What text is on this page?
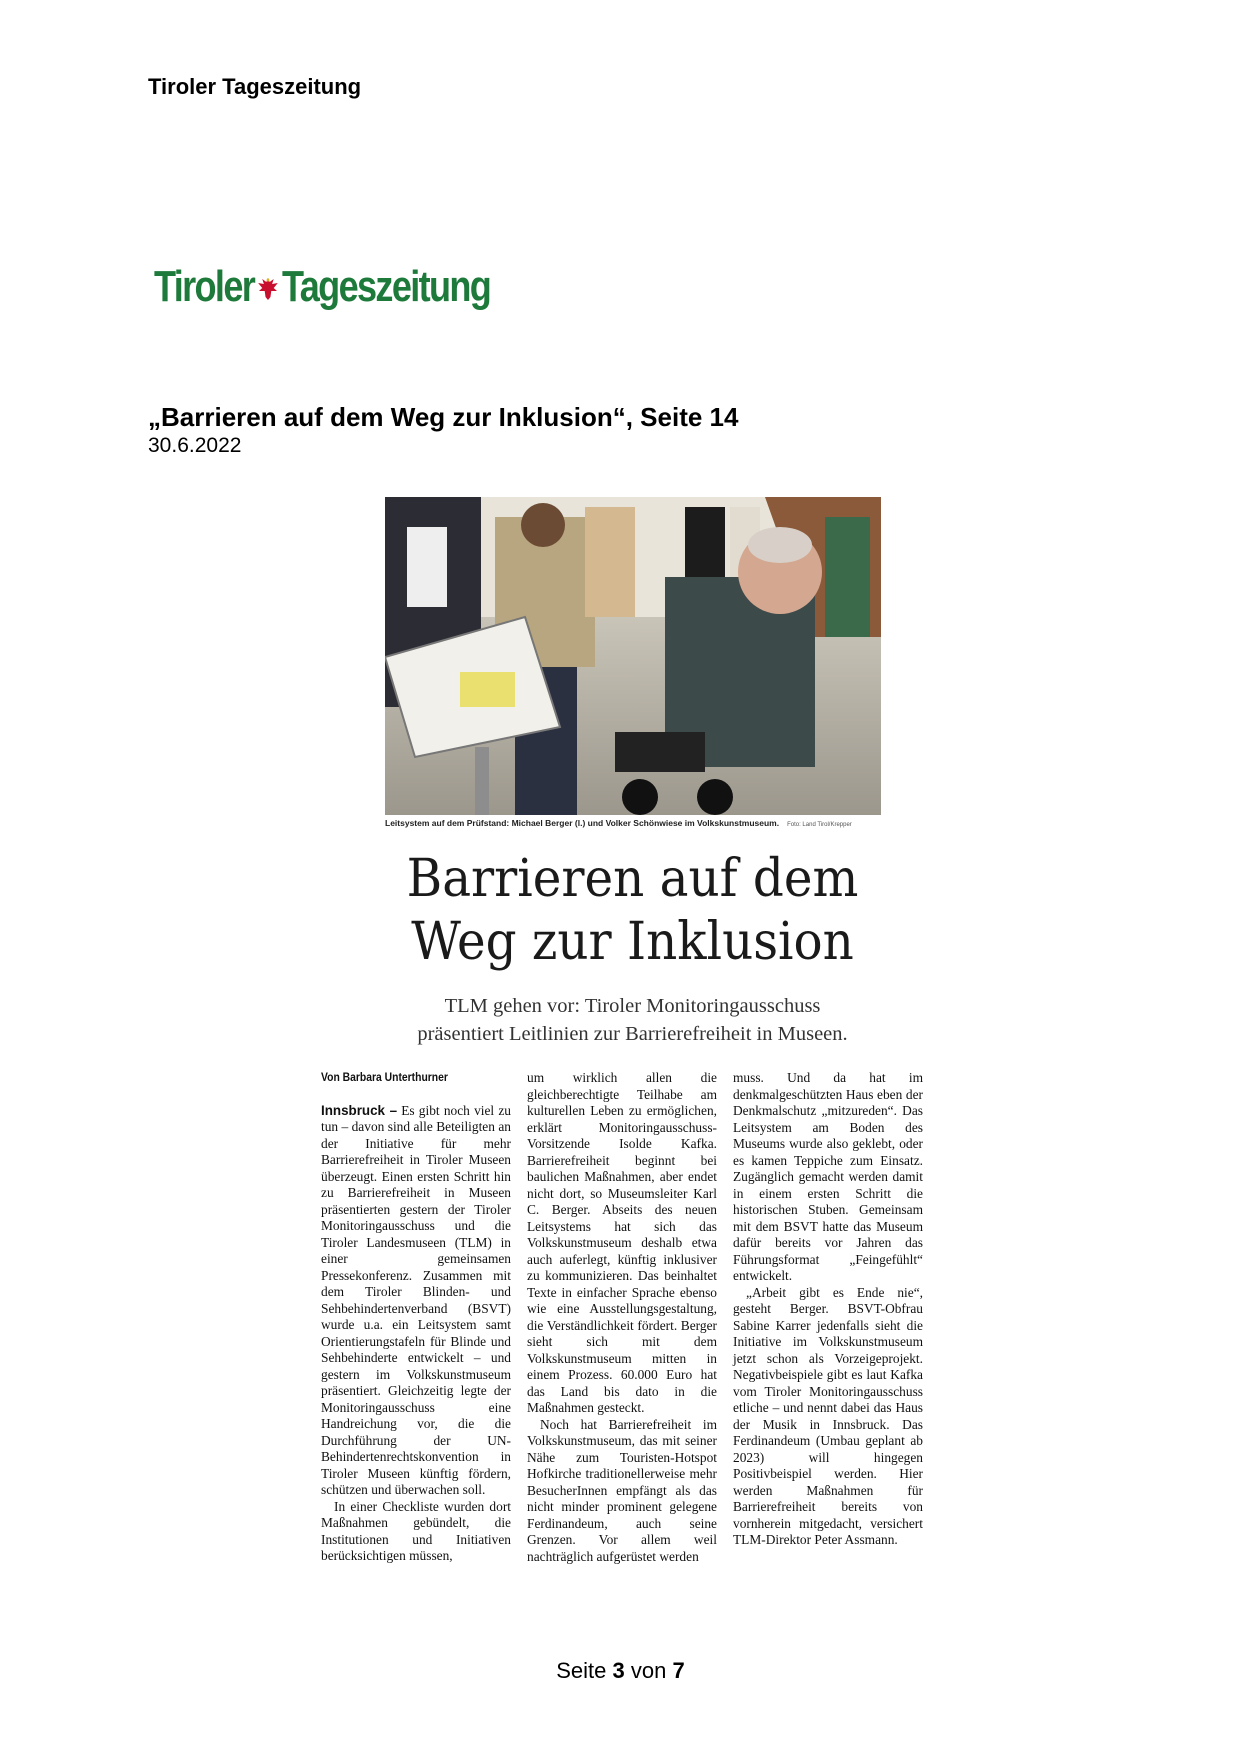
Tiroler Tageszeitung
Tiroler Tageszeitung
„Barrieren auf dem Weg zur Inklusion“, Seite 14
30.6.2022
Leitsystem auf dem Prüfstand: Michael Berger (l.) und Volker Schönwiese im Volkskunstmuseum. Foto: Land Tirol/Krepper
Barrieren auf dem
Weg zur Inklusion
TLM gehen vor: Tiroler Monitoringausschuss
präsentiert Leitlinien zur Barrierefreiheit in Museen.
Von Barbara Unterthurner

Innsbruck – Es gibt noch viel zu tun – davon sind alle Beteiligten an der Initiative für mehr Barrierefreiheit in Tiroler Museen überzeugt. Einen ersten Schritt hin zu Barrierefreiheit in Museen präsentierten gestern der Tiroler Monitoringausschuss und die Tiroler Landesmuseen (TLM) in einer gemeinsamen Pressekonferenz. Zusammen mit dem Tiroler Blinden- und Sehbehindertenverband (BSVT) wurde u.a. ein Leitsystem samt Orientierungstafeln für Blinde und Sehbehinderte entwickelt – und gestern im Volkskunstmuseum präsentiert. Gleichzeitig legte der Monitoringausschuss eine Handreichung vor, die die Durchführung der UN-Behindertenrechtskonvention in Tiroler Museen künftig fördern, schützen und überwachen soll.

In einer Checkliste wurden dort Maßnahmen gebündelt, die Institutionen und Initiativen berücksichtigen müssen,

um wirklich allen die gleichberechtigte Teilhabe am kulturellen Leben zu ermöglichen, erklärt Monitoringausschuss-Vorsitzende Isolde Kafka. Barrierefreiheit beginnt bei baulichen Maßnahmen, aber endet nicht dort, so Museumsleiter Karl C. Berger. Abseits des neuen Leitsystems hat sich das Volkskunstmuseum deshalb etwa auch auferlegt, künftig inklusiver zu kommunizieren. Das beinhaltet Texte in einfacher Sprache ebenso wie eine Ausstellungsgestaltung, die Verständlichkeit fördert. Berger sieht sich mit dem Volkskunstmuseum mitten in einem Prozess. 60.000 Euro hat das Land bis dato in die Maßnahmen gesteckt.

Noch hat Barrierefreiheit im Volkskunstmuseum, das mit seiner Nähe zum Touristen-Hotspot Hofkirche traditionellerweise mehr BesucherInnen empfängt als das nicht minder prominent gelegene Ferdinandeum, auch seine Grenzen. Vor allem weil nachträglich aufgerüstet werden

muss. Und da hat im denkmalgeschützten Haus eben der Denkmalschutz „mitzureden“. Das Leitsystem am Boden des Museums wurde also geklebt, oder es kamen Teppiche zum Einsatz. Zugänglich gemacht werden damit in einem ersten Schritt die historischen Stuben. Gemeinsam mit dem BSVT hatte das Museum dafür bereits vor Jahren das Führungsformat „Feingefühlt“ entwickelt.

„Arbeit gibt es Ende nie“, gesteht Berger. BSVT-Obfrau Sabine Karrer jedenfalls sieht die Initiative im Volkskunstmuseum jetzt schon als Vorzeigeprojekt. Negativbeispiele gibt es laut Kafka vom Tiroler Monitoringausschuss etliche – und nennt dabei das Haus der Musik in Innsbruck. Das Ferdinandeum (Umbau geplant ab 2023) will hingegen Positivbeispiel werden. Hier werden Maßnahmen für Barrierefreiheit bereits von vornherein mitgedacht, versichert TLM-Direktor Peter Assmann.

Seite 3 von 7
